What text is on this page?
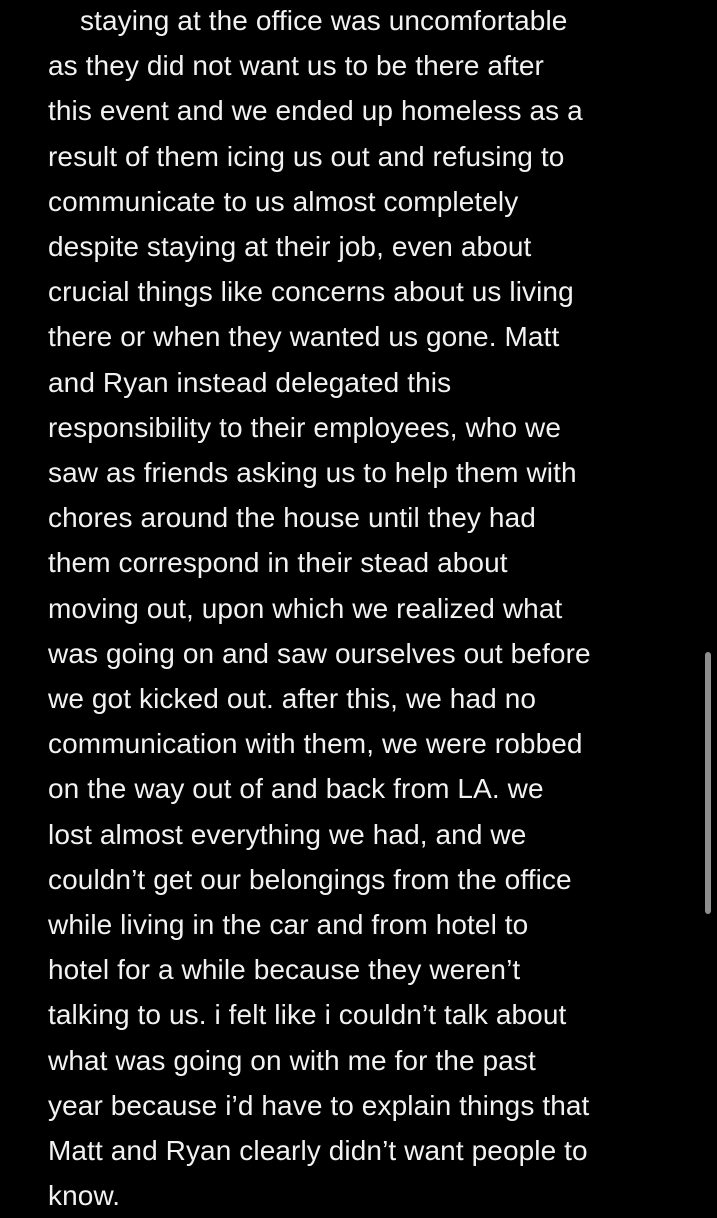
staying at the office was uncomfortable
as they did not want us to be there after
this event and we ended up homeless as a
result of them icing us out and refusing to
communicate to us almost completely
despite staying at their job, even about
crucial things like concerns about us living
there or when they wanted us gone. Matt
and Ryan instead delegated this
responsibility to their employees, who we
saw as friends asking us to help them with
chores around the house until they had
them correspond in their stead about
moving out, upon which we realized what
was going on and saw ourselves out before
we got kicked out. after this, we had no
communication with them, we were robbed
on the way out of and back from LA. we
lost almost everything we had, and we
couldn’t get our belongings from the office
while living in the car and from hotel to
hotel for a while because they weren’t
talking to us. i felt like i couldn’t talk about
what was going on with me for the past
year because i’d have to explain things that
Matt and Ryan clearly didn’t want people to
know.
